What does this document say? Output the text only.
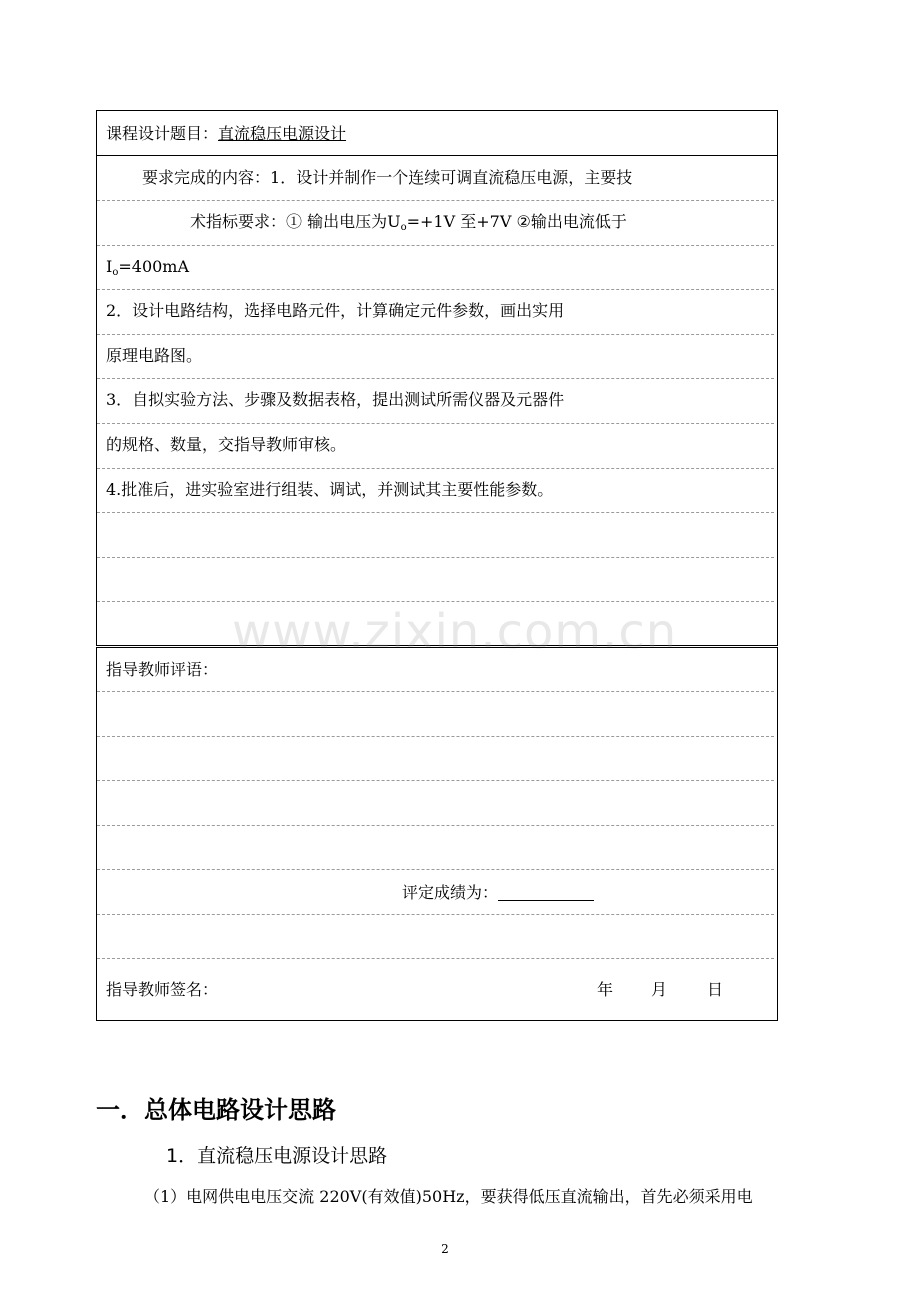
课程设计题目：直流稳压电源设计
要求完成的内容：1．设计并制作一个连续可调直流稳压电源，主要技
术指标要求：① 输出电压为$U_o=+1V$ 至+7V ②输出电流低于
$I_o=400mA$
2．设计电路结构，选择电路元件，计算确定元件参数，画出实用
原理电路图。
3．自拟实验方法、步骤及数据表格，提出测试所需仪器及元器件
的规格、数量，交指导教师审核。
4.批准后，进实验室进行组装、调试，并测试其主要性能参数。
www.zixin.com.cn
指导教师评语：
评定成绩为：
指导教师签名：	年 月	日
一．总体电路设计思路
1．直流稳压电源设计思路
（1）电网供电电压交流 220V(有效值)50Hz，要获得低压直流输出，首先必须采用电
2
